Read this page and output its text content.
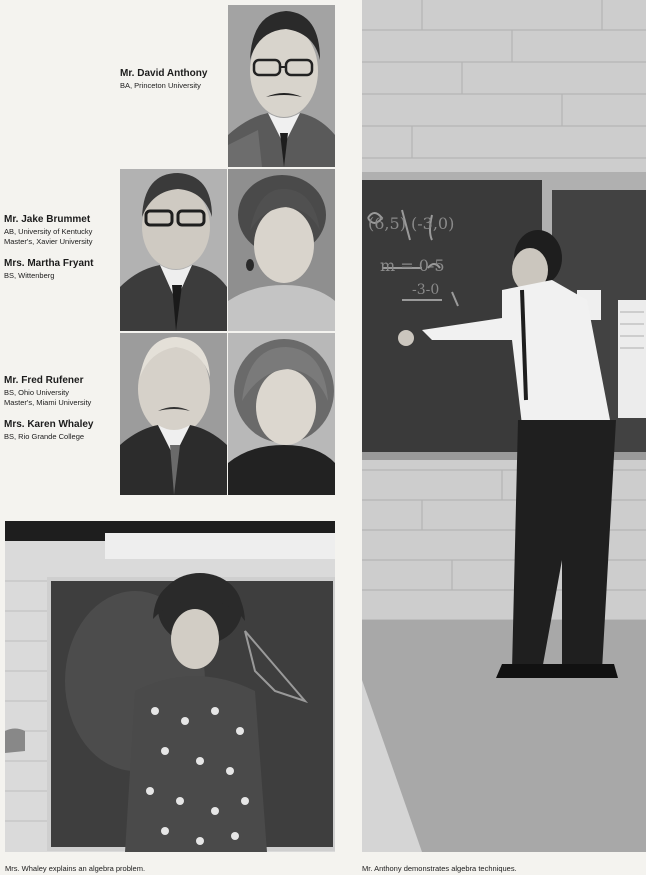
Mr. David Anthony
BA, Princeton University
Mr. Jake Brummet
AB, University of Kentucky
Master's, Xavier University
Mrs. Martha Fryant
BS, Wittenberg
Mr. Fred Rufener
BS, Ohio University
Master's, Miami University
Mrs. Karen Whaley
BS, Rio Grande College
Mrs. Whaley explains an algebra problem.	Mr. Anthony demonstrates algebra techniques.
(6,5) (-3,0)
m = 0-5
-3-0
